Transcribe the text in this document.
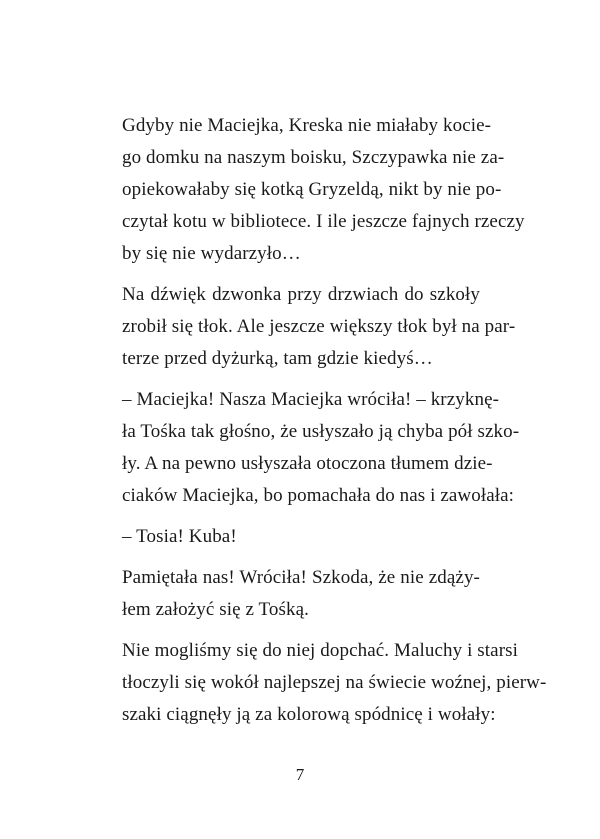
Gdyby nie Maciejka, Kreska nie miałaby kocie-
go domku na naszym boisku, Szczypawka nie za-
opiekowałaby się kotką Gryzeldą, nikt by nie po-
czytał kotu w bibliotece. I ile jeszcze fajnych rzeczy
by się nie wydarzyło…
Na dźwięk dzwonka przy drzwiach do szkoły
zrobił się tłok. Ale jeszcze większy tłok był na par-
terze przed dyżurką, tam gdzie kiedyś…
– Maciejka! Nasza Maciejka wróciła! – krzyknę-
ła Tośka tak głośno, że usłyszało ją chyba pół szko-
ły. A na pewno usłyszała otoczona tłumem dzie-
ciaków Maciejka, bo pomachała do nas i zawołała:
– Tosia! Kuba!
Pamiętała nas! Wróciła! Szkoda, że nie zdąży-
łem założyć się z Tośką.
Nie mogliśmy się do niej dopchać. Maluchy i starsi
tłoczyli się wokół najlepszej na świecie woźnej, pierw-
szaki ciągnęły ją za kolorową spódnicę i wołały:
7
